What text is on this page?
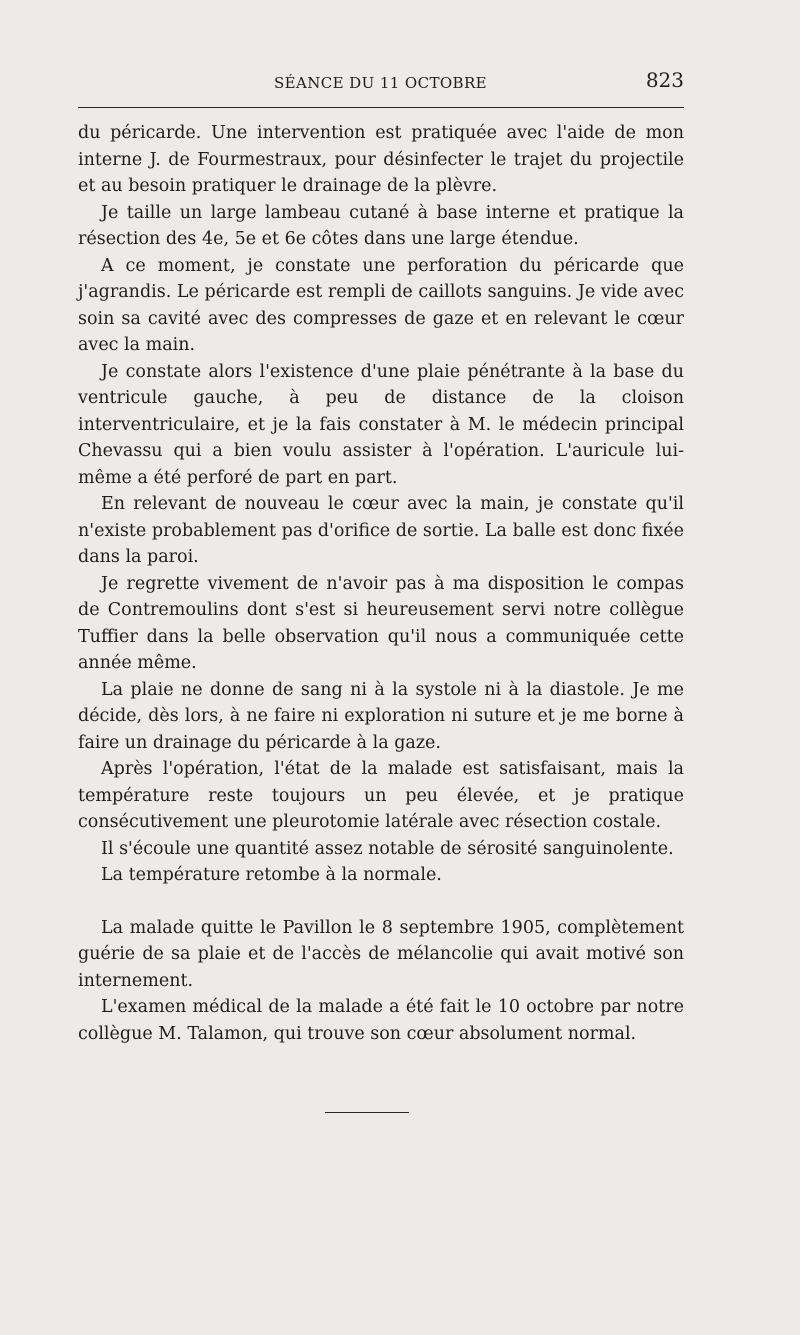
SÉANCE DU 11 OCTOBRE	823

du péricarde. Une intervention est pratiquée avec l'aide de mon interne J. de Fourmestraux, pour désinfecter le trajet du projectile et au besoin pratiquer le drainage de la plèvre.

Je taille un large lambeau cutané à base interne et pratique la résection des 4e, 5e et 6e côtes dans une large étendue.

A ce moment, je constate une perforation du péricarde que j'agrandis. Le péricarde est rempli de caillots sanguins. Je vide avec soin sa cavité avec des compresses de gaze et en relevant le cœur avec la main.

Je constate alors l'existence d'une plaie pénétrante à la base du ventricule gauche, à peu de distance de la cloison interventriculaire, et je la fais constater à M. le médecin principal Chevassu qui a bien voulu assister à l'opération. L'auricule lui-même a été perforé de part en part.

En relevant de nouveau le cœur avec la main, je constate qu'il n'existe probablement pas d'orifice de sortie. La balle est donc fixée dans la paroi.

Je regrette vivement de n'avoir pas à ma disposition le compas de Contremoulins dont s'est si heureusement servi notre collègue Tuffier dans la belle observation qu'il nous a communiquée cette année même.

La plaie ne donne de sang ni à la systole ni à la diastole. Je me décide, dès lors, à ne faire ni exploration ni suture et je me borne à faire un drainage du péricarde à la gaze.

Après l'opération, l'état de la malade est satisfaisant, mais la température reste toujours un peu élevée, et je pratique consécutivement une pleurotomie latérale avec résection costale.

Il s'écoule une quantité assez notable de sérosité sanguinolente.

La température retombe à la normale.

La malade quitte le Pavillon le 8 septembre 1905, complètement guérie de sa plaie et de l'accès de mélancolie qui avait motivé son internement.

L'examen médical de la malade a été fait le 10 octobre par notre collègue M. Talamon, qui trouve son cœur absolument normal.
